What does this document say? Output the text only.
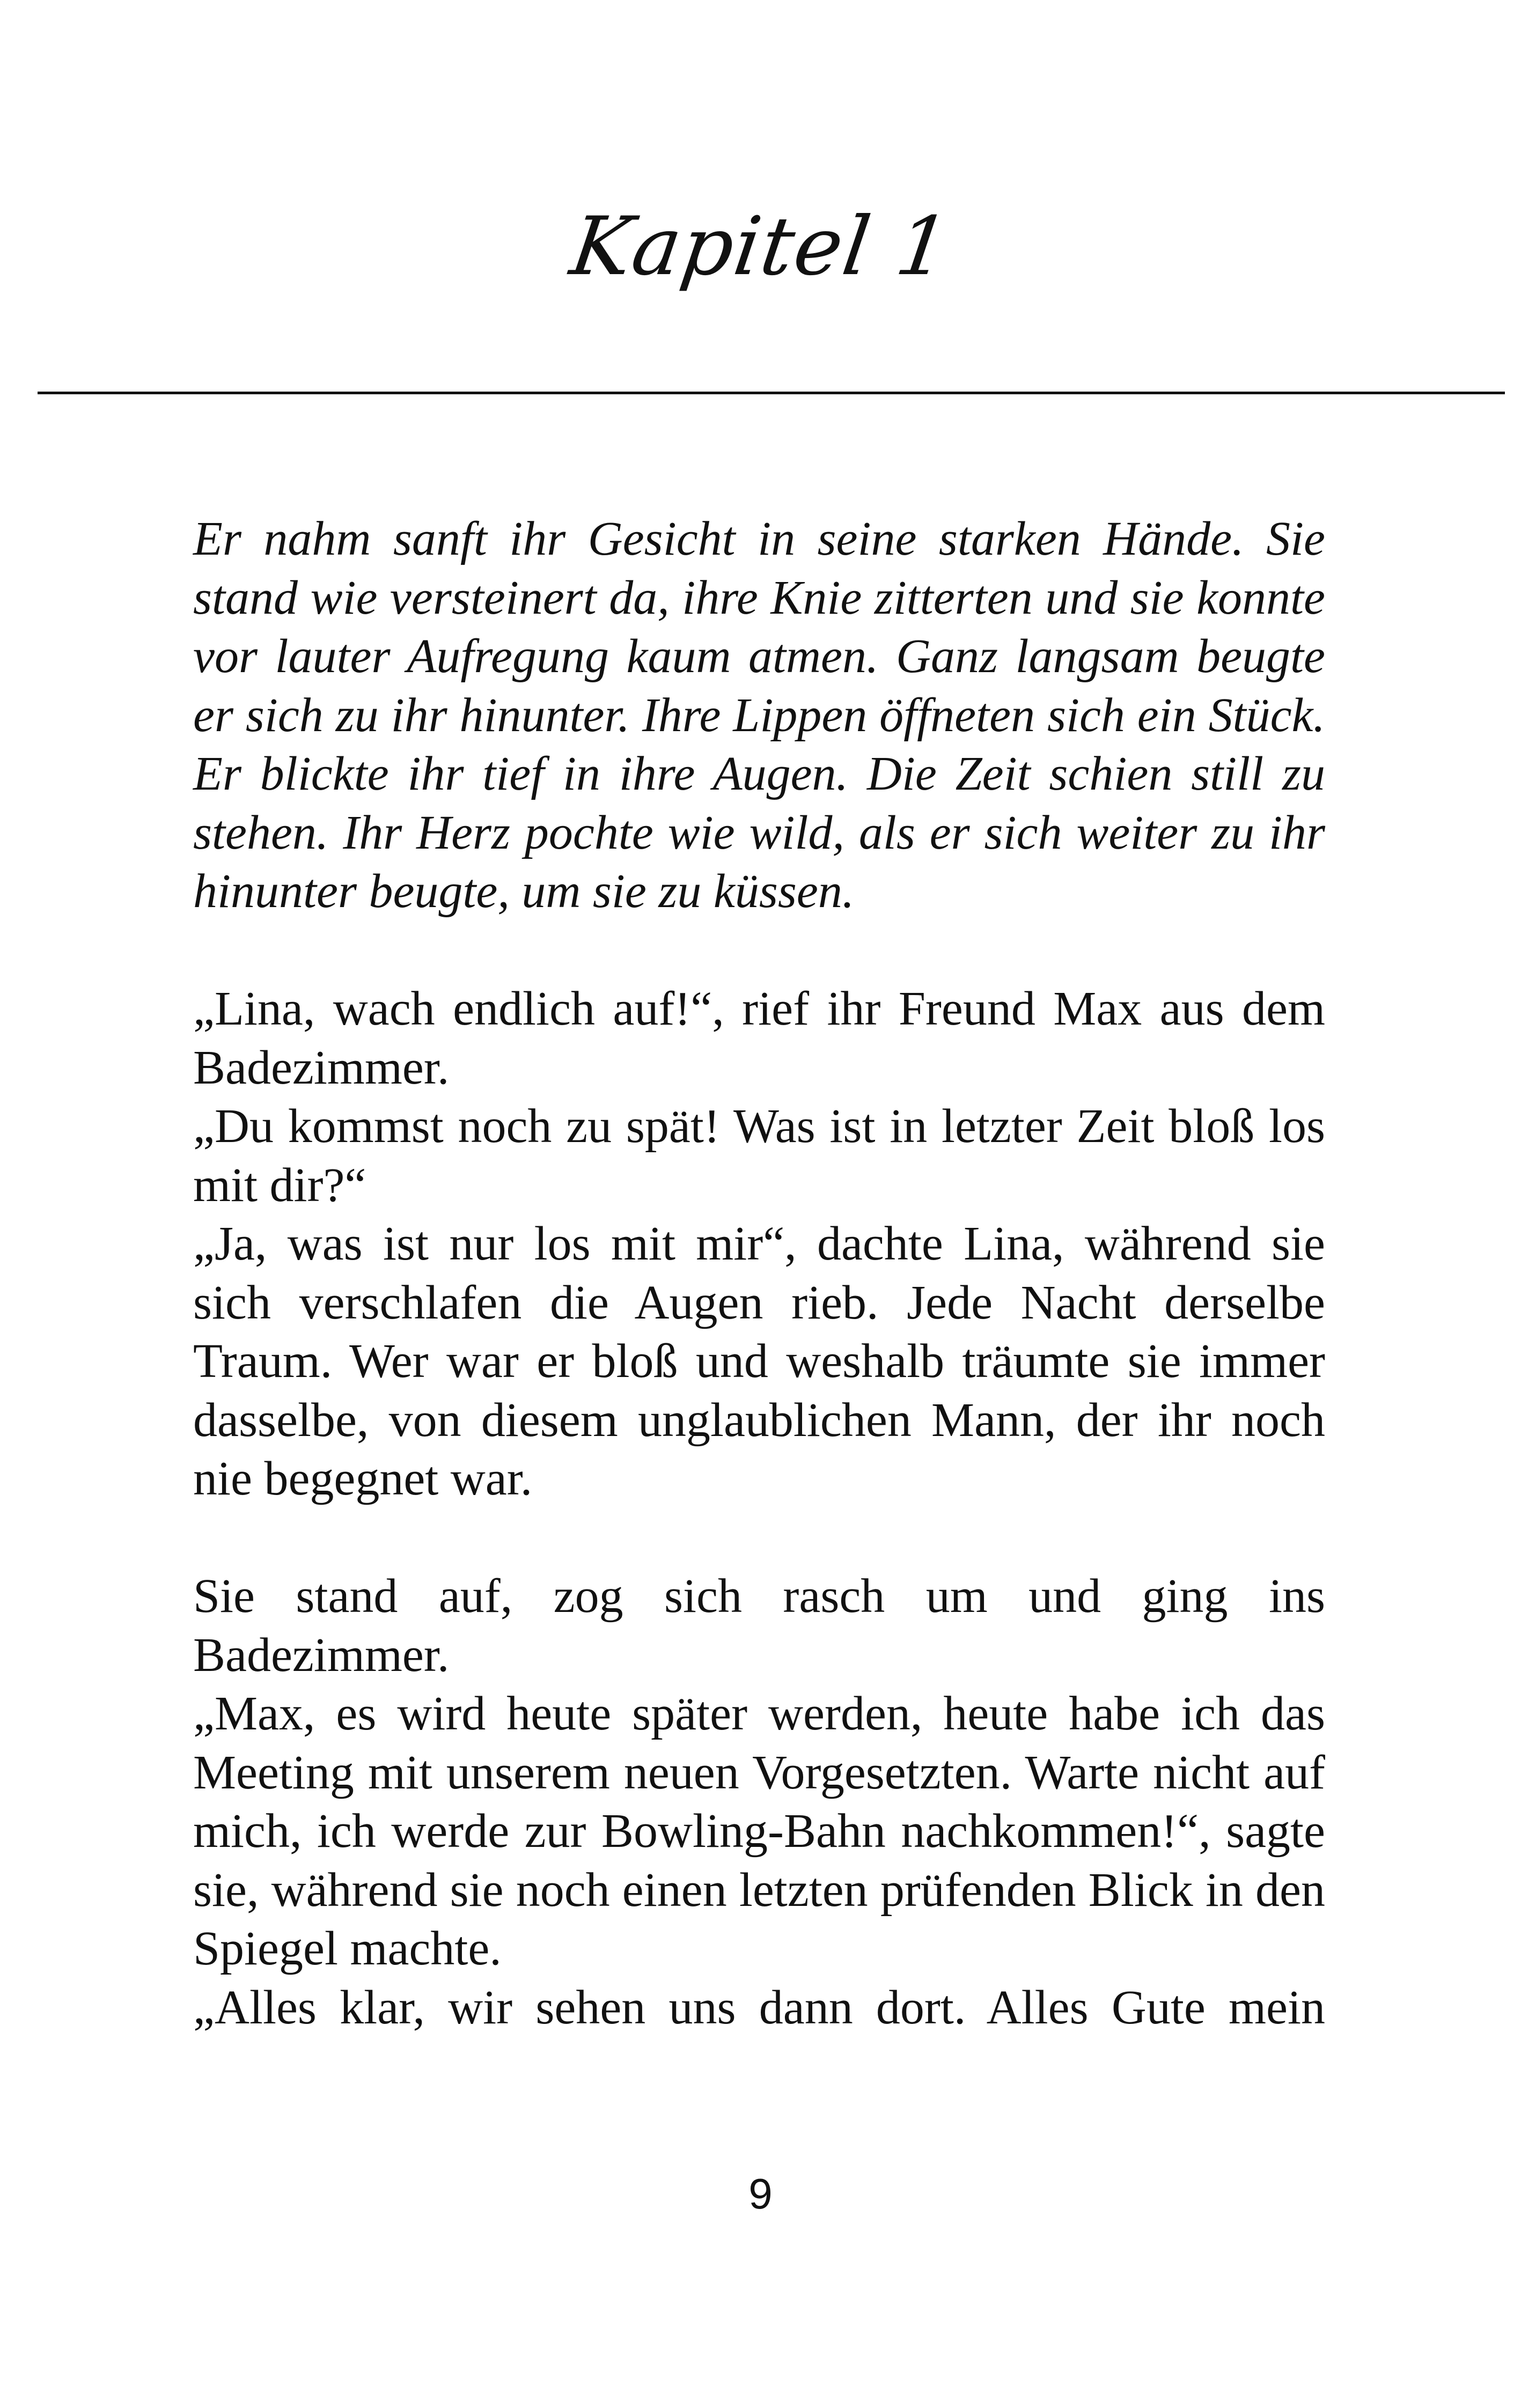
Kapitel 1

Er nahm sanft ihr Gesicht in seine starken Hände. Sie stand wie versteinert da, ihre Knie zitterten und sie konnte vor lauter Aufregung kaum atmen. Ganz langsam beugte er sich zu ihr hinunter. Ihre Lippen öffneten sich ein Stück. Er blickte ihr tief in ihre Augen. Die Zeit schien still zu stehen. Ihr Herz pochte wie wild, als er sich weiter zu ihr hinunter beugte, um sie zu küssen.

„Lina, wach endlich auf!“, rief ihr Freund Max aus dem Badezimmer.

„Du kommst noch zu spät! Was ist in letzter Zeit bloß los mit dir?“

„Ja, was ist nur los mit mir“, dachte Lina, während sie sich verschlafen die Augen rieb. Jede Nacht derselbe Traum. Wer war er bloß und weshalb träumte sie immer dasselbe, von diesem unglaublichen Mann, der ihr noch nie begegnet war.

Sie stand auf, zog sich rasch um und ging ins Badezimmer.

„Max, es wird heute später werden, heute habe ich das Meeting mit unserem neuen Vorgesetzten. Warte nicht auf mich, ich werde zur Bowling-Bahn nachkommen!“, sagte sie, während sie noch einen letzten prüfenden Blick in den Spiegel machte.

„Alles klar, wir sehen uns dann dort. Alles Gute mein

9
